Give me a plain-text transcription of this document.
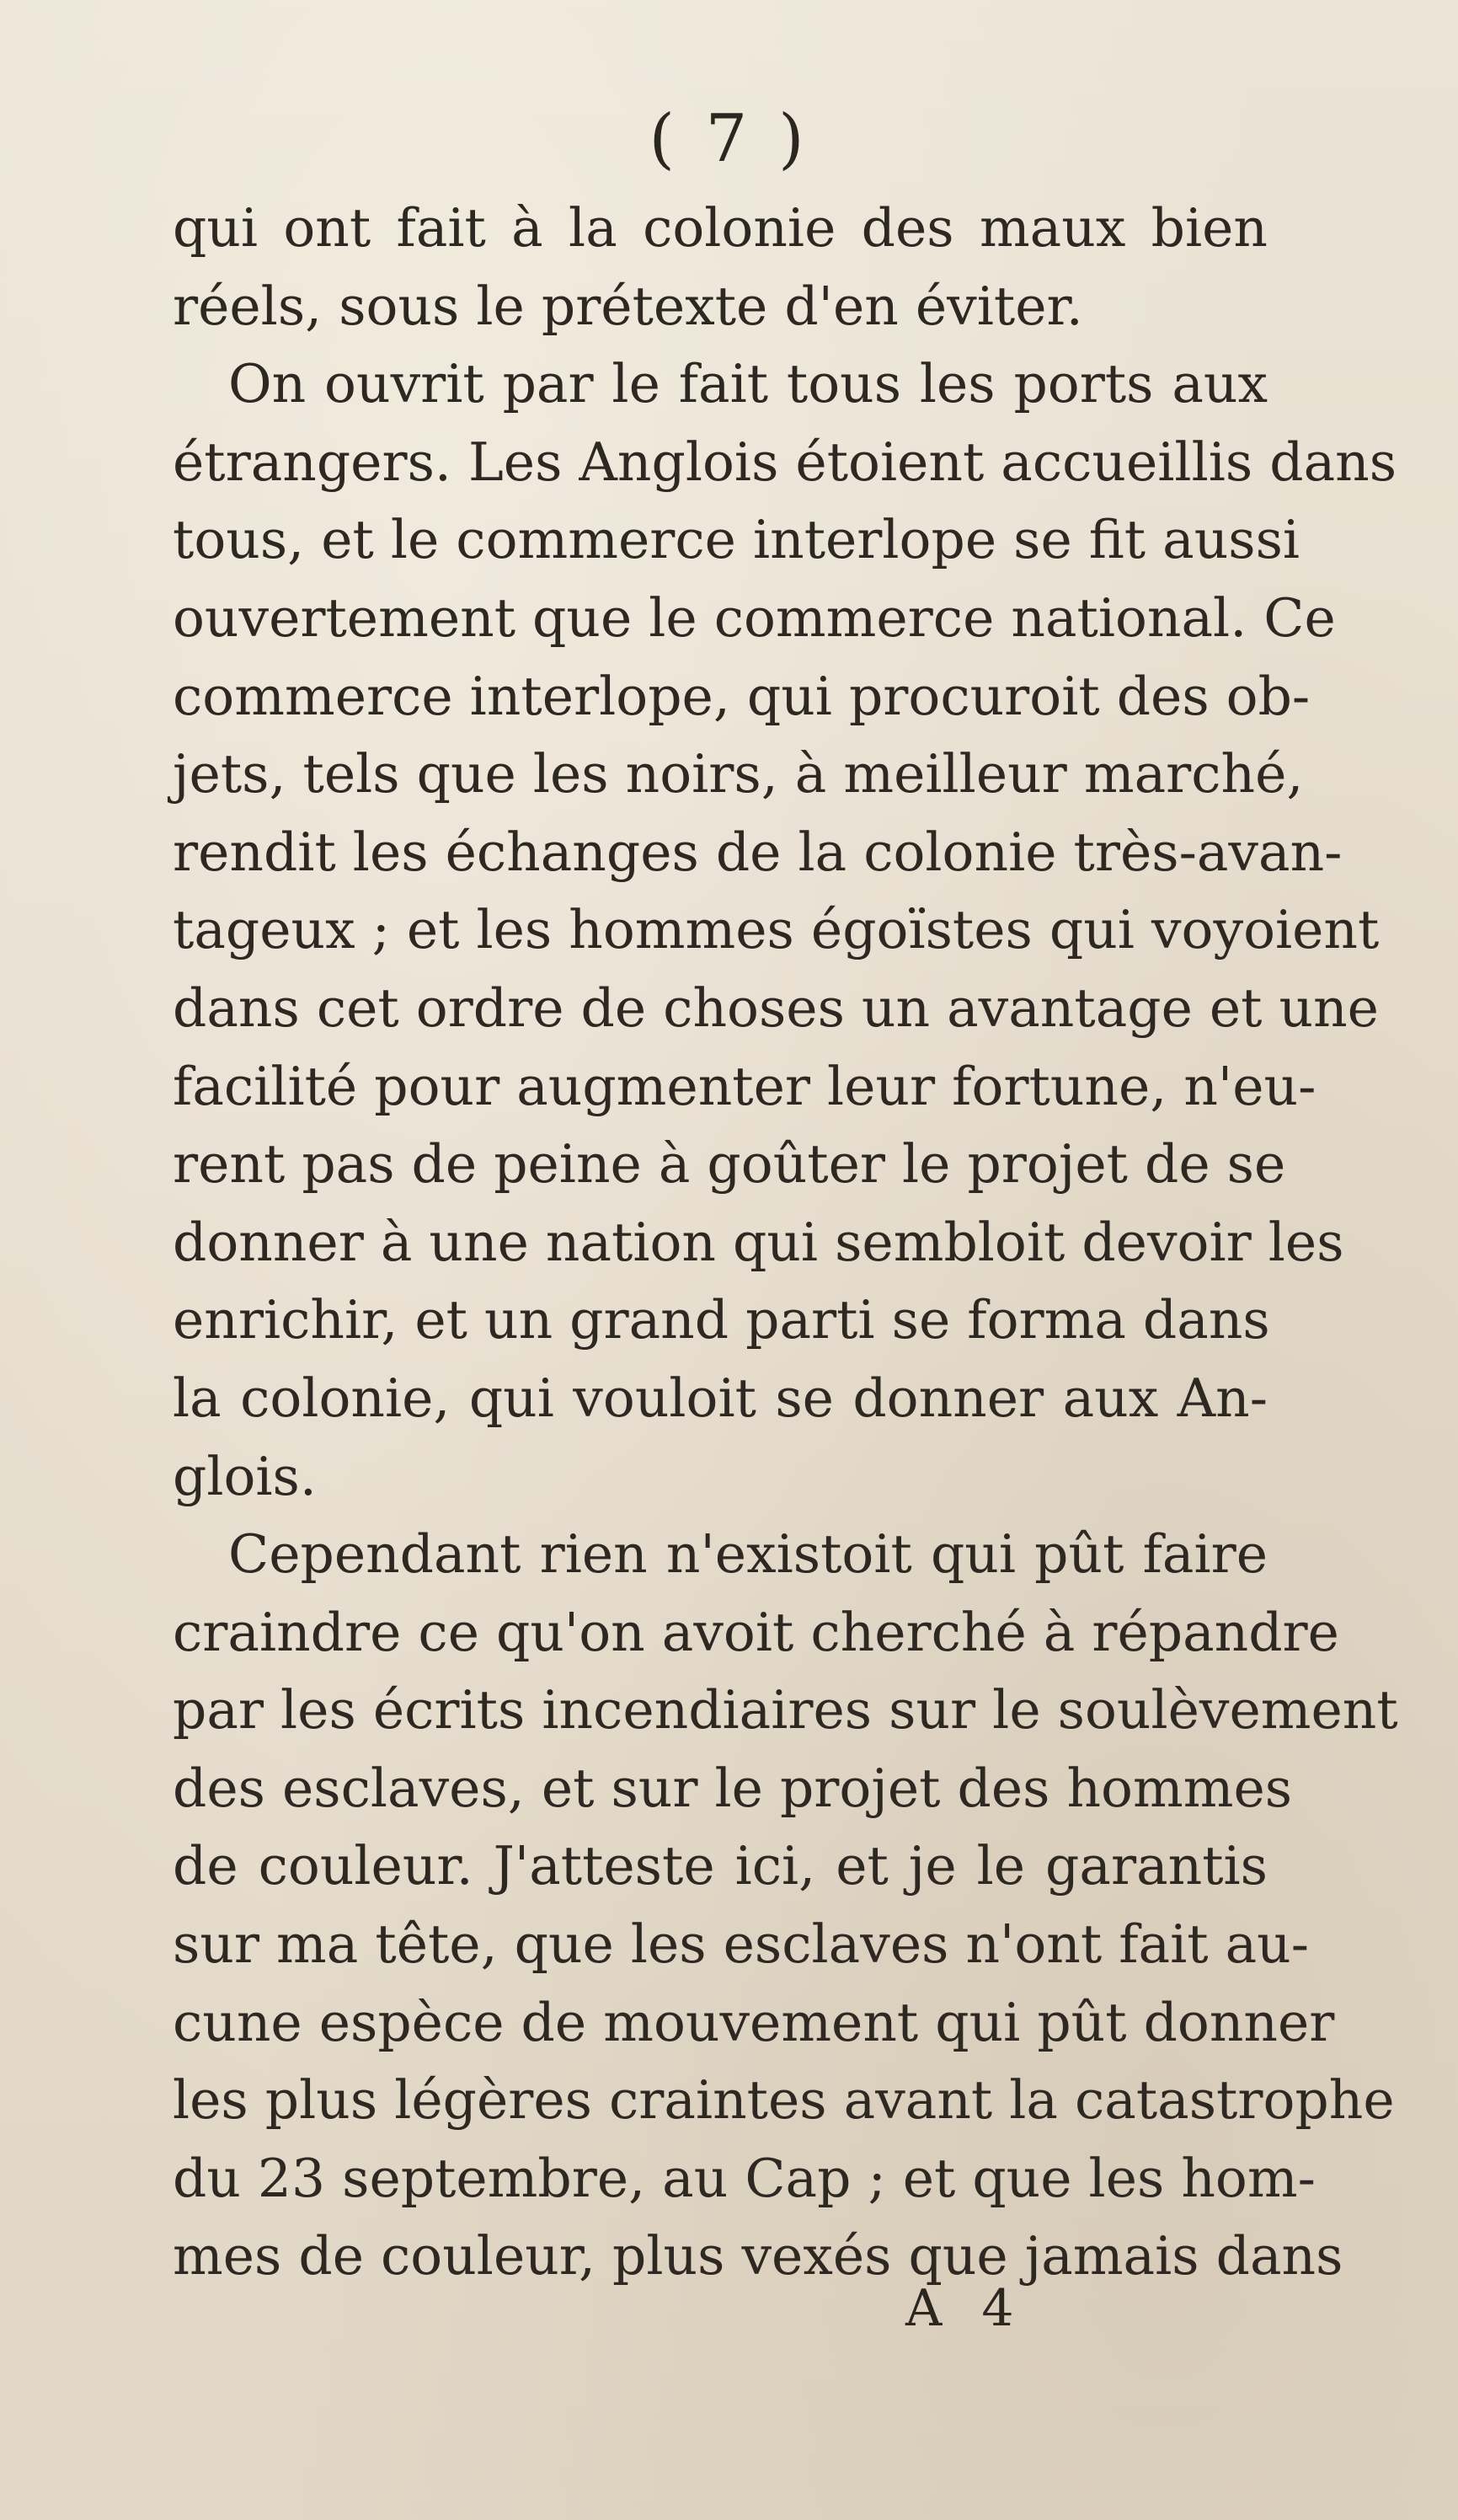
( 7 )
qui ont fait à la colonie des maux bien
réels, sous le prétexte d'en éviter.
On ouvrit par le fait tous les ports aux
étrangers. Les Anglois étoient accueillis dans
tous, et le commerce interlope se fit aussi
ouvertement que le commerce national. Ce
commerce interlope, qui procuroit des ob-
jets, tels que les noirs, à meilleur marché,
rendit les échanges de la colonie très-avan-
tageux ; et les hommes égoïstes qui voyoient
dans cet ordre de choses un avantage et une
facilité pour augmenter leur fortune, n'eu-
rent pas de peine à goûter le projet de se
donner à une nation qui sembloit devoir les
enrichir, et un grand parti se forma dans
la colonie, qui vouloit se donner aux An-
glois.
Cependant rien n'existoit qui pût faire
craindre ce qu'on avoit cherché à répandre
par les écrits incendiaires sur le soulèvement
des esclaves, et sur le projet des hommes
de couleur. J'atteste ici, et je le garantis
sur ma tête, que les esclaves n'ont fait au-
cune espèce de mouvement qui pût donner
les plus légères craintes avant la catastrophe
du 23 septembre, au Cap ; et que les hom-
mes de couleur, plus vexés que jamais dans
A 4
